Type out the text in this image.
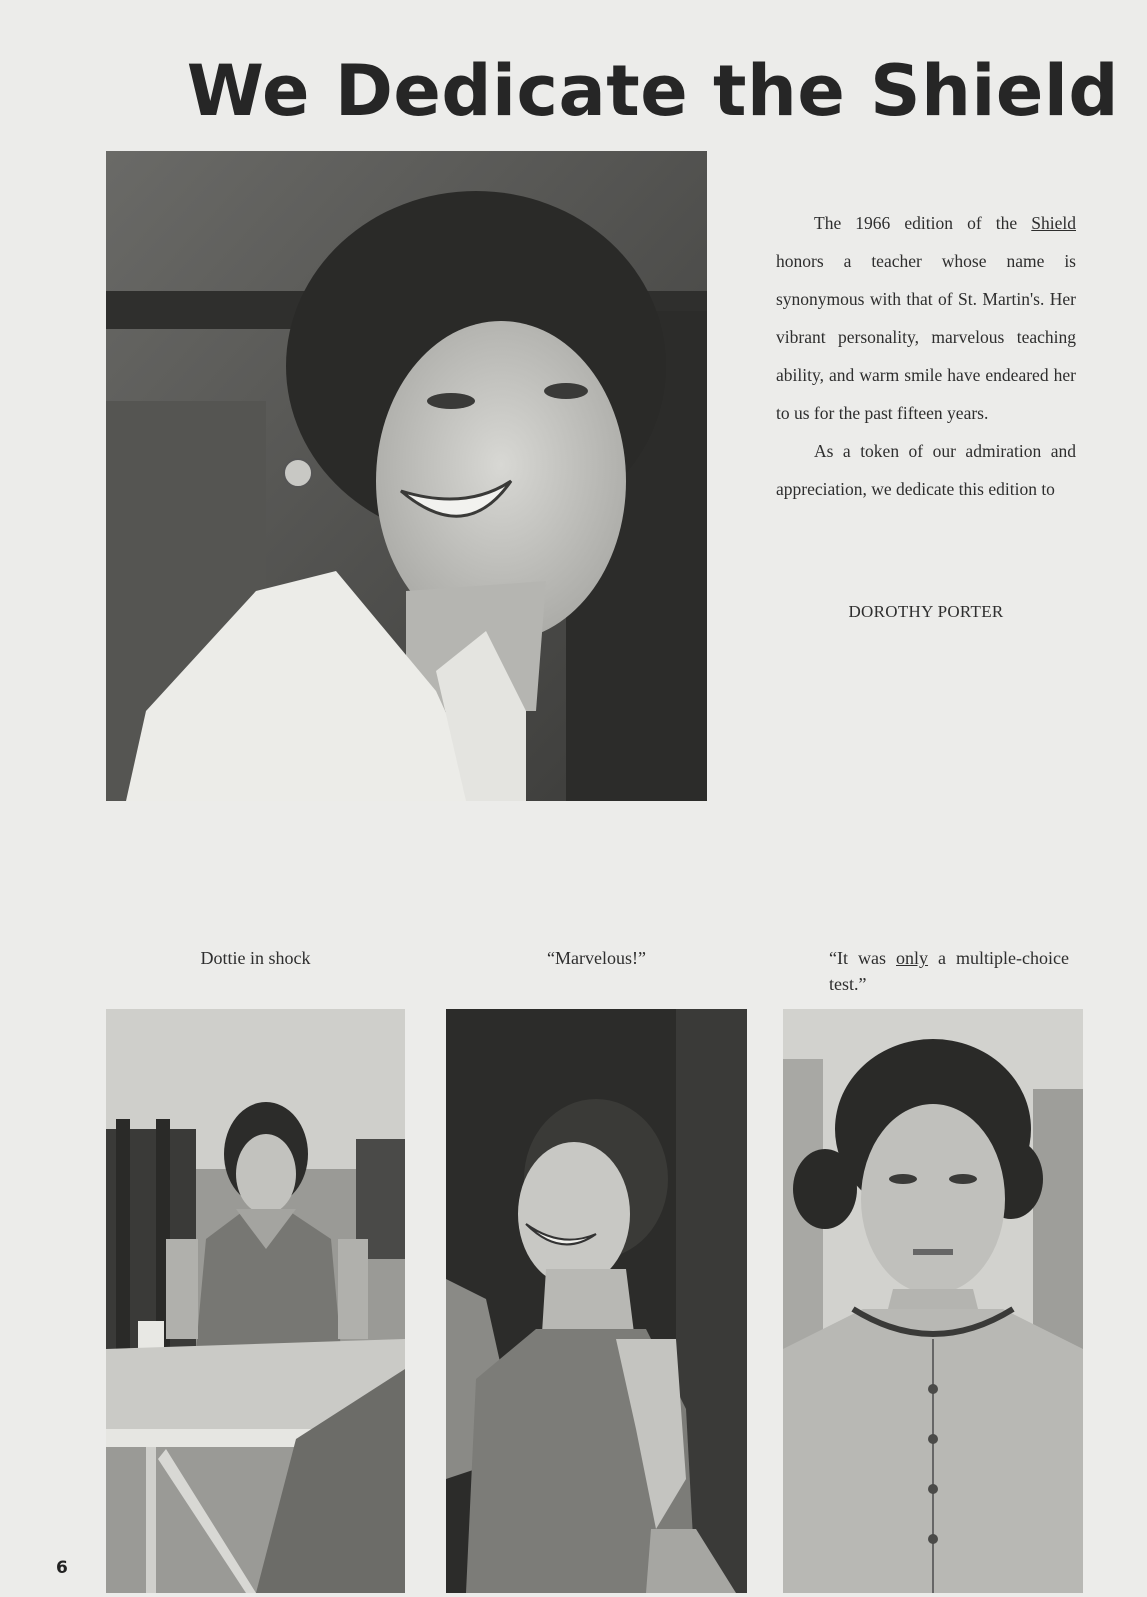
We Dedicate the Shield

The 1966 edition of the Shield honors a teacher whose name is synonymous with that of St. Martin's. Her vibrant personality, marvelous teaching ability, and warm smile have endeared her to us for the past fifteen years.

As a token of our admiration and appreciation, we dedicate this edition to

DOROTHY PORTER
Dottie in shock	“Marvelous!”	“It was only a multiple-choice test.”
6
